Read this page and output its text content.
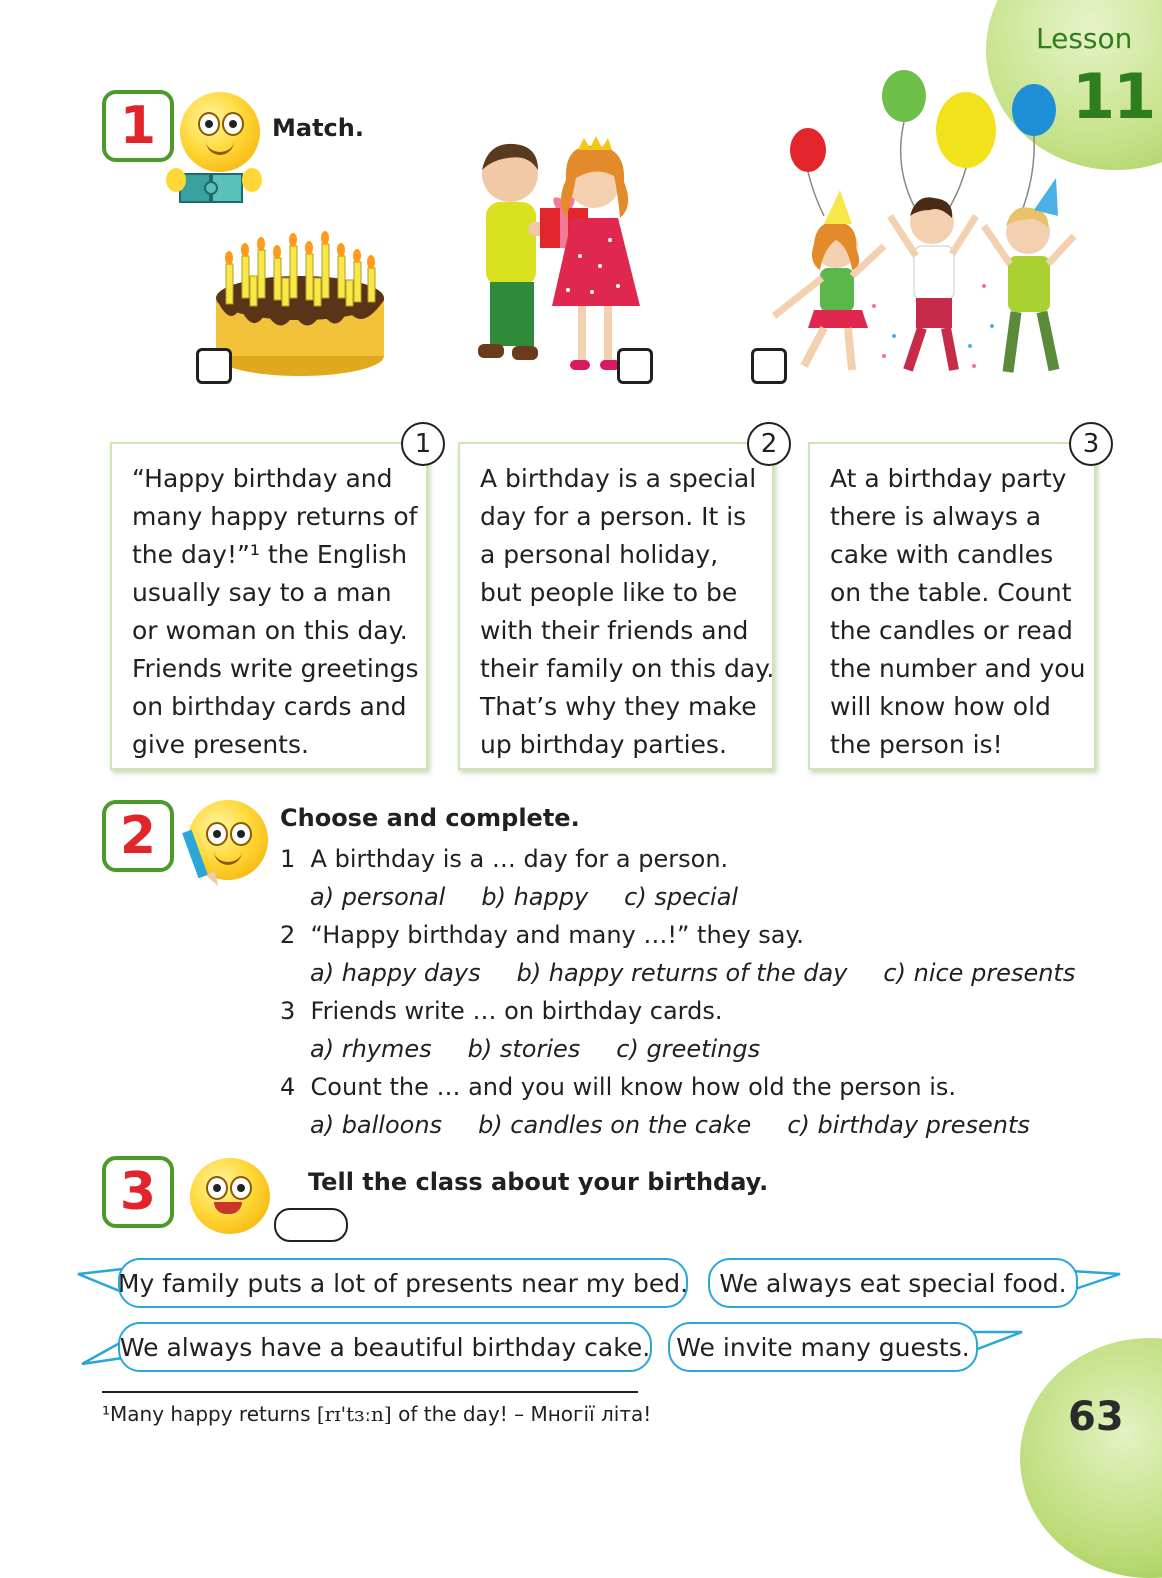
Lesson
11
1	Match.
“Happy birthday and
many happy returns of
the day!”¹ the English
usually say to a man
or woman on this day.
Friends write greetings
on birthday cards and
give presents.
1
A birthday is a special
day for a person. It is
a personal holiday,
but people like to be
with their friends and
their family on this day.
That’s why they make
up birthday parties.
2
At a birthday party
there is always a
cake with candles
on the table. Count
the candles or read
the number and you
will know how old
the person is!
3
2	Choose and complete.
1 A birthday is a … day for a person.
a) personal b) happy c) special
2 “Happy birthday and many …!” they say.
a) happy days b) happy returns of the day c) nice presents
3 Friends write … on birthday cards.
a) rhymes b) stories c) greetings
4 Count the … and you will know how old the person is.
a) balloons b) candles on the cake c) birthday presents
3	Tell the class about your birthday.
My family puts a lot of presents near my bed.	We always eat special food.
We always have a beautiful birthday cake.	We invite many guests.
¹Many happy returns [rɪ'tɜːn] of the day! – Многії літа!	63
